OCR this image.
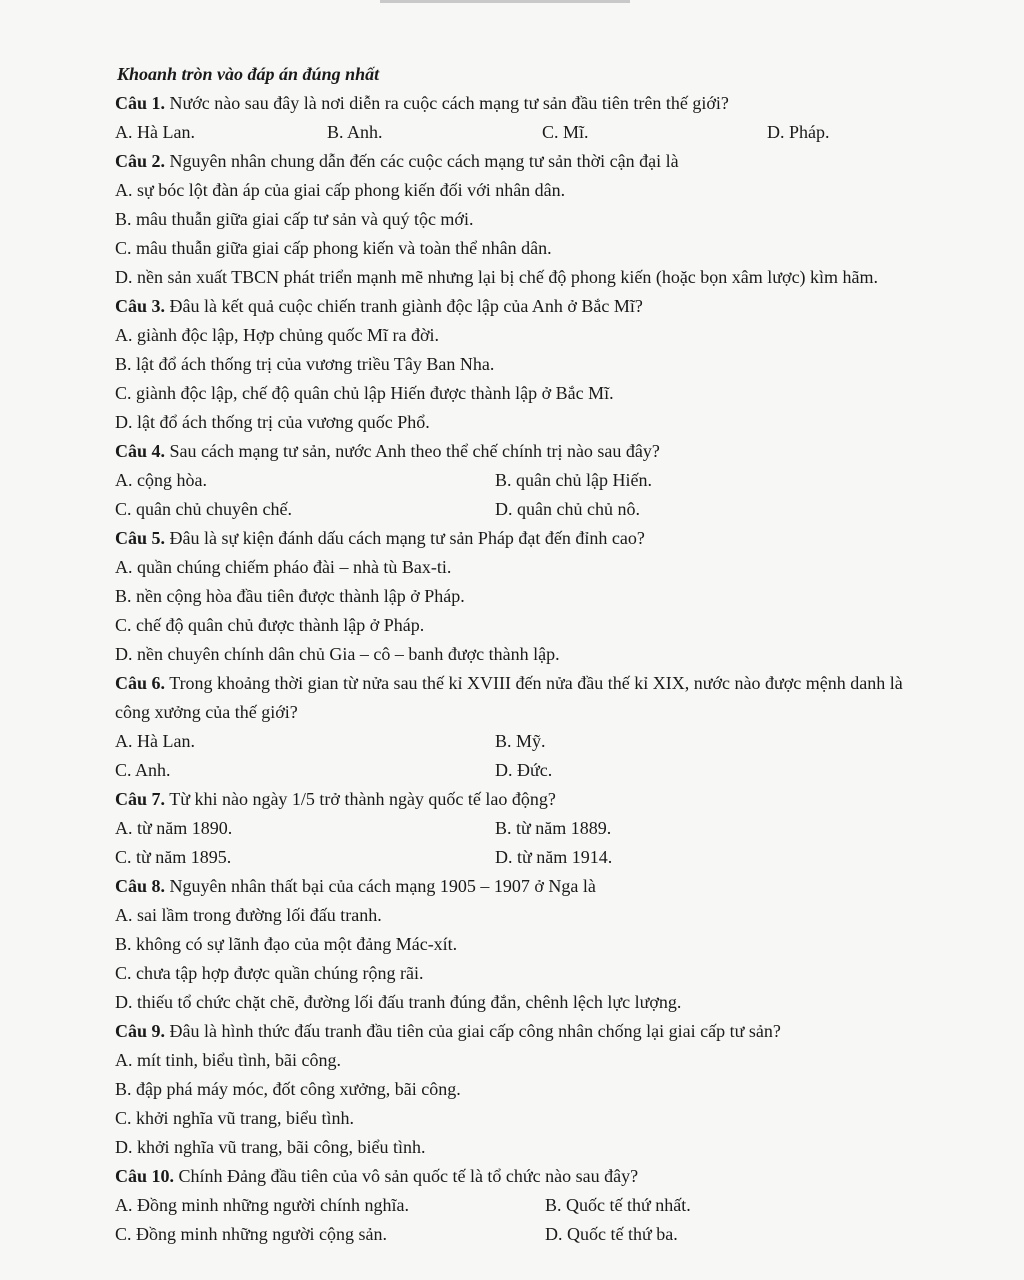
Khoanh tròn vào đáp án đúng nhất
Câu 1. Nước nào sau đây là nơi diễn ra cuộc cách mạng tư sản đầu tiên trên thế giới?
A. Hà Lan.	B. Anh.	C. Mĩ.	D. Pháp.
Câu 2. Nguyên nhân chung dẫn đến các cuộc cách mạng tư sản thời cận đại là
A. sự bóc lột đàn áp của giai cấp phong kiến đối với nhân dân.
B. mâu thuẫn giữa giai cấp tư sản và quý tộc mới.
C. mâu thuẫn giữa giai cấp phong kiến và toàn thể nhân dân.
D. nền sản xuất TBCN phát triển mạnh mẽ nhưng lại bị chế độ phong kiến (hoặc bọn xâm lược) kìm hãm.
Câu 3. Đâu là kết quả cuộc chiến tranh giành độc lập của Anh ở Bắc Mĩ?
A. giành độc lập, Hợp chủng quốc Mĩ ra đời.
B. lật đổ ách thống trị của vương triều Tây Ban Nha.
C. giành độc lập, chế độ quân chủ lập Hiến được thành lập ở Bắc Mĩ.
D. lật đổ ách thống trị của vương quốc Phổ.
Câu 4. Sau cách mạng tư sản, nước Anh theo thể chế chính trị nào sau đây?
A. cộng hòa.	B. quân chủ lập Hiến.
C. quân chủ chuyên chế.	D. quân chủ chủ nô.
Câu 5. Đâu là sự kiện đánh dấu cách mạng tư sản Pháp đạt đến đỉnh cao?
A. quần chúng chiếm pháo đài – nhà tù Bax-ti.
B. nền cộng hòa đầu tiên được thành lập ở Pháp.
C. chế độ quân chủ được thành lập ở Pháp.
D. nền chuyên chính dân chủ Gia – cô – banh được thành lập.
Câu 6. Trong khoảng thời gian từ nửa sau thế kỉ XVIII đến nửa đầu thế kỉ XIX, nước nào được mệnh danh là công xưởng của thế giới?
A. Hà Lan.	B. Mỹ.
C. Anh.	D. Đức.
Câu 7. Từ khi nào ngày 1/5 trở thành ngày quốc tế lao động?
A. từ năm 1890.	B. từ năm 1889.
C. từ năm 1895.	D. từ năm 1914.
Câu 8. Nguyên nhân thất bại của cách mạng 1905 – 1907 ở Nga là
A. sai lầm trong đường lối đấu tranh.
B. không có sự lãnh đạo của một đảng Mác-xít.
C. chưa tập hợp được quần chúng rộng rãi.
D. thiếu tổ chức chặt chẽ, đường lối đấu tranh đúng đắn, chênh lệch lực lượng.
Câu 9. Đâu là hình thức đấu tranh đầu tiên của giai cấp công nhân chống lại giai cấp tư sản?
A. mít tinh, biểu tình, bãi công.
B. đập phá máy móc, đốt công xưởng, bãi công.
C. khởi nghĩa vũ trang, biểu tình.
D. khởi nghĩa vũ trang, bãi công, biểu tình.
Câu 10. Chính Đảng đầu tiên của vô sản quốc tế là tổ chức nào sau đây?
A. Đồng minh những người chính nghĩa.	B. Quốc tế thứ nhất.
C. Đồng minh những người cộng sản.	D. Quốc tế thứ ba.
